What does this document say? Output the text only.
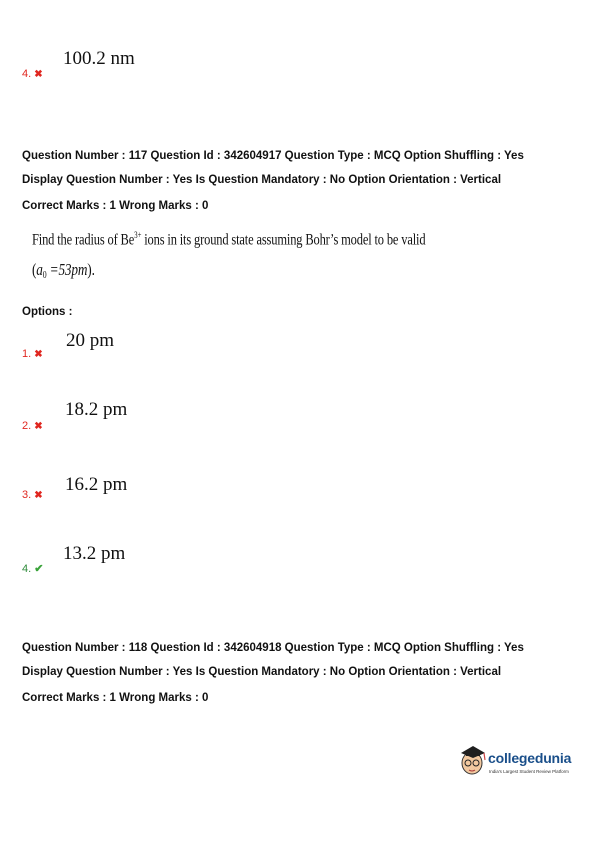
4. ✖
100.2 nm
Question Number : 117 Question Id : 342604917 Question Type : MCQ Option Shuffling : Yes
Display Question Number : Yes Is Question Mandatory : No Option Orientation : Vertical
Correct Marks : 1 Wrong Marks : 0
Find the radius of $Be^{3+}$ ions in its ground state assuming Bohr’s model to be valid
$(a_0 =53pm)$.
Options :
1. ✖
20 pm
2. ✖
18.2 pm
3. ✖
16.2 pm
4. ✔
13.2 pm
Question Number : 118 Question Id : 342604918 Question Type : MCQ Option Shuffling : Yes
Display Question Number : Yes Is Question Mandatory : No Option Orientation : Vertical
Correct Marks : 1 Wrong Marks : 0
collegedunia
India's Largest Student Review Platform
